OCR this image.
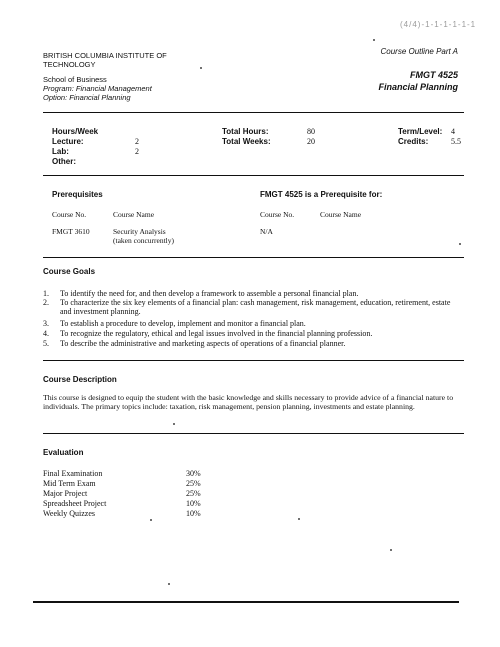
(4/4)-1-1-1-1-1-1
BRITISH COLUMBIA INSTITUTE OF
TECHNOLOGY
School of Business
Program: Financial Management
Option: Financial Planning
Course Outline Part A
FMGT 4525
Financial Planning
Hours/Week
Lecture:	2
Lab:	2
Other:
Total Hours:	80
Total Weeks:	20
Term/Level: 4
Credits:	5.5
Prerequisites
Course No.	Course Name
FMGT 3610	Security Analysis
(taken concurrently)
FMGT 4525 is a Prerequisite for:
Course No.	Course Name
N/A
Course Goals
1. To identify the need for, and then develop a framework to assemble a personal financial plan.
2. To characterize the six key elements of a financial plan: cash management, risk management, education, retirement, estate and investment planning.
3. To establish a procedure to develop, implement and monitor a financial plan.
4. To recognize the regulatory, ethical and legal issues involved in the financial planning profession.
5. To describe the administrative and marketing aspects of operations of a financial planner.
Course Description
This course is designed to equip the student with the basic knowledge and skills necessary to provide advice of a financial nature to individuals. The primary topics include: taxation, risk management, pension planning, investments and estate planning.
Evaluation
Final Examination	30%
Mid Term Exam	25%
Major Project	25%
Spreadsheet Project	10%
Weekly Quizzes	10%
